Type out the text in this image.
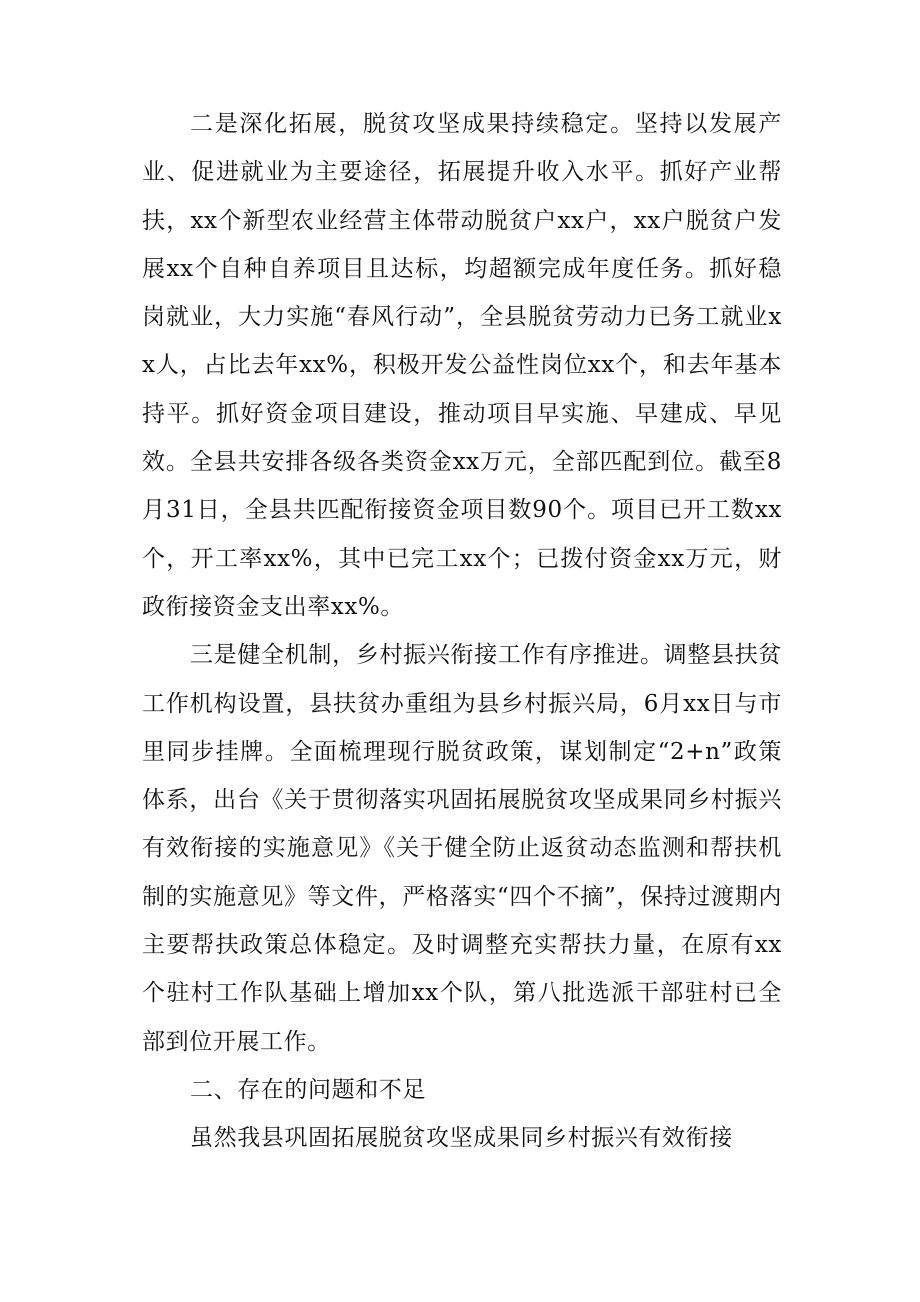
二是深化拓展，脱贫攻坚成果持续稳定。坚持以发展产业、促进就业为主要途径，拓展提升收入水平。抓好产业帮扶，xx个新型农业经营主体带动脱贫户xx户，xx户脱贫户发展xx个自种自养项目且达标，均超额完成年度任务。抓好稳岗就业，大力实施“春风行动”，全县脱贫劳动力已务工就业xx人，占比去年xx%，积极开发公益性岗位xx个，和去年基本持平。抓好资金项目建设，推动项目早实施、早建成、早见效。全县共安排各级各类资金xx万元，全部匹配到位。截至8月31日，全县共匹配衔接资金项目数90个。项目已开工数xx个，开工率xx%，其中已完工xx个；已拨付资金xx万元，财政衔接资金支出率xx%。

三是健全机制，乡村振兴衔接工作有序推进。调整县扶贫工作机构设置，县扶贫办重组为县乡村振兴局，6月xx日与市里同步挂牌。全面梳理现行脱贫政策，谋划制定“2+n”政策体系，出台《关于贯彻落实巩固拓展脱贫攻坚成果同乡村振兴有效衔接的实施意见》《关于健全防止返贫动态监测和帮扶机制的实施意见》等文件，严格落实“四个不摘”，保持过渡期内主要帮扶政策总体稳定。及时调整充实帮扶力量，在原有xx个驻村工作队基础上增加xx个队，第八批选派干部驻村已全部到位开展工作。

二、存在的问题和不足

虽然我县巩固拓展脱贫攻坚成果同乡村振兴有效衔接
